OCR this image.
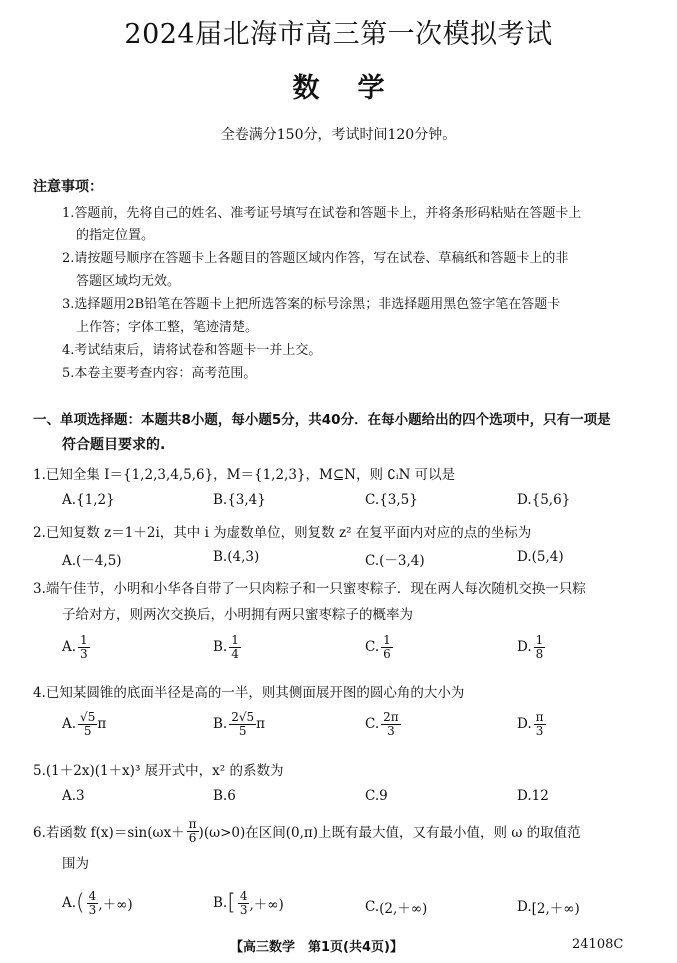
2024届北海市高三第一次模拟考试
数学
全卷满分150分，考试时间120分钟。
注意事项：
1.答题前，先将自己的姓名、准考证号填写在试卷和答题卡上，并将条形码粘贴在答题卡上
的指定位置。
2.请按题号顺序在答题卡上各题目的答题区域内作答，写在试卷、草稿纸和答题卡上的非
答题区域均无效。
3.选择题用2B铅笔在答题卡上把所选答案的标号涂黑；非选择题用黑色签字笔在答题卡
上作答；字体工整，笔迹清楚。
4.考试结束后，请将试卷和答题卡一并上交。
5.本卷主要考查内容：高考范围。
一、单项选择题：本题共8小题，每小题5分，共40分．在每小题给出的四个选项中，只有一项是
符合题目要求的.
1.已知全集 I＝{1,2,3,4,5,6}，M＝{1,2,3}，M⊆N，则 ∁ᵢN 可以是
A.{1,2}	B.{3,4}	C.{3,5}	D.{5,6}
2.已知复数 z＝1＋2i，其中 i 为虚数单位，则复数 z² 在复平面内对应的点的坐标为
A.(－4,5)	B.(4,3)	C.(－3,4)	D.(5,4)
3.端午佳节，小明和小华各自带了一只肉粽子和一只蜜枣粽子．现在两人每次随机交换一只粽
子给对方，则两次交换后，小明拥有两只蜜枣粽子的概率为
A. $\frac{1}{3}$	B. $\frac{1}{4}$	C. $\frac{1}{6}$	D. $\frac{1}{8}$
4.已知某圆锥的底面半径是高的一半，则其侧面展开图的圆心角的大小为
A. $\frac{√5}{5}$ π	B. $\frac{2√5}{5}$ π	C. $\frac{2\pi}{3}$	D. $\frac{\pi}{3}$
5.(1＋2x)(1＋x)³ 展开式中，x² 的系数为
A.3	B.6	C.9	D.12
6.若函数 $f(x)=\sin(\omega x+ \frac{\pi}{6} )(\omega>0)$在区间(0,π)上既有最大值，又有最小值，则 ω 的取值范
围为
$A.( \frac{4}{3}$ ,＋∞)	$B.[ \frac{4}{3}$ ,＋∞)	C.(2,＋∞)	D.[2,＋∞)
【高三数学　第1页(共4页)】	24108C
